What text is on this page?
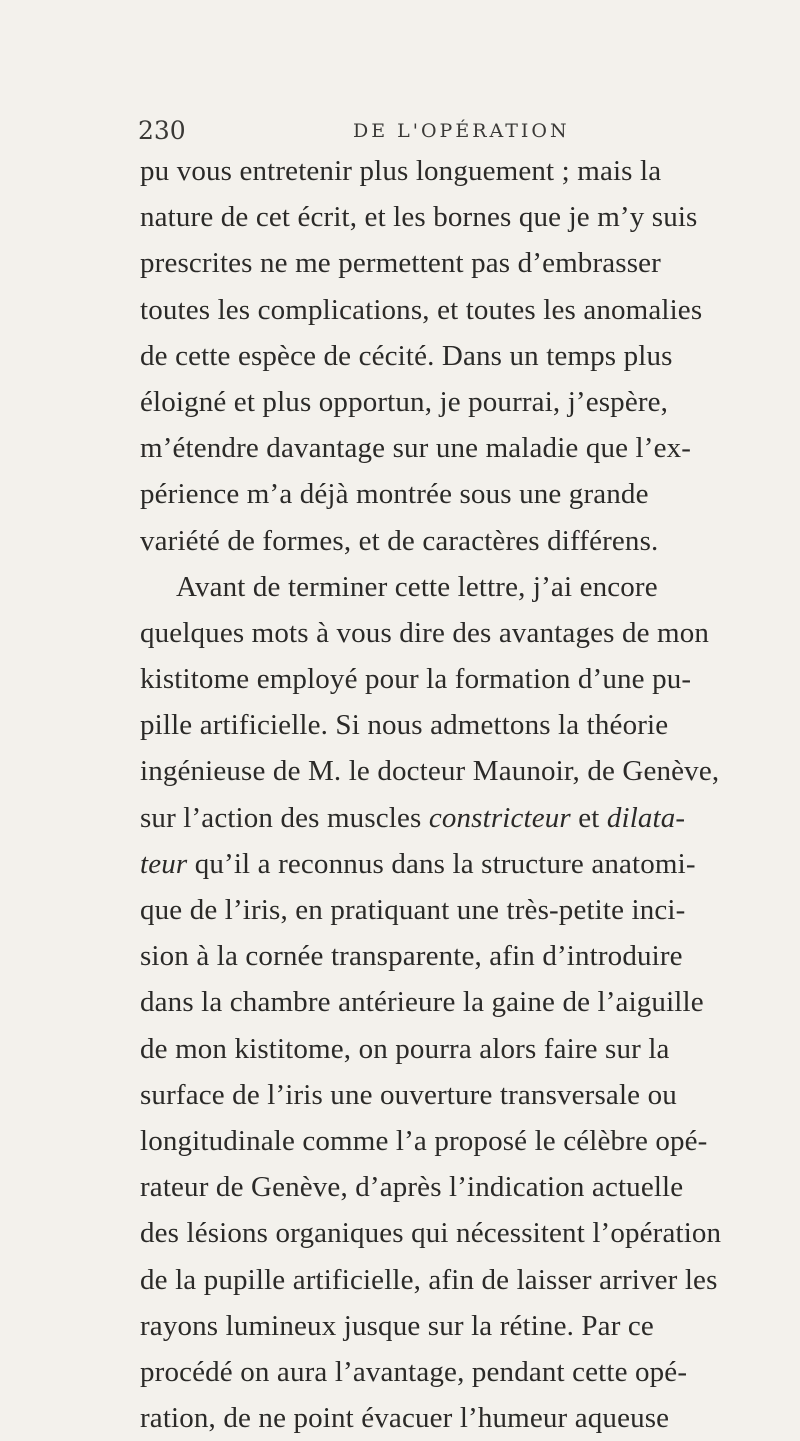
230	DE L'OPÉRATION
pu vous entretenir plus longuement ; mais la
nature de cet écrit, et les bornes que je m’y suis
prescrites ne me permettent pas d’embrasser
toutes les complications, et toutes les anomalies
de cette espèce de cécité. Dans un temps plus
éloigné et plus opportun, je pourrai, j’espère,
m’étendre davantage sur une maladie que l’ex-
périence m’a déjà montrée sous une grande
variété de formes, et de caractères différens.
Avant de terminer cette lettre, j’ai encore
quelques mots à vous dire des avantages de mon
kistitome employé pour la formation d’une pu-
pille artificielle. Si nous admettons la théorie
ingénieuse de M. le docteur Maunoir, de Genève,
sur l’action des muscles constricteur et dilata-
teur qu’il a reconnus dans la structure anatomi-
que de l’iris, en pratiquant une très-petite inci-
sion à la cornée transparente, afin d’introduire
dans la chambre antérieure la gaine de l’aiguille
de mon kistitome, on pourra alors faire sur la
surface de l’iris une ouverture transversale ou
longitudinale comme l’a proposé le célèbre opé-
rateur de Genève, d’après l’indication actuelle
des lésions organiques qui nécessitent l’opération
de la pupille artificielle, afin de laisser arriver les
rayons lumineux jusque sur la rétine. Par ce
procédé on aura l’avantage, pendant cette opé-
ration, de ne point évacuer l’humeur aqueuse
